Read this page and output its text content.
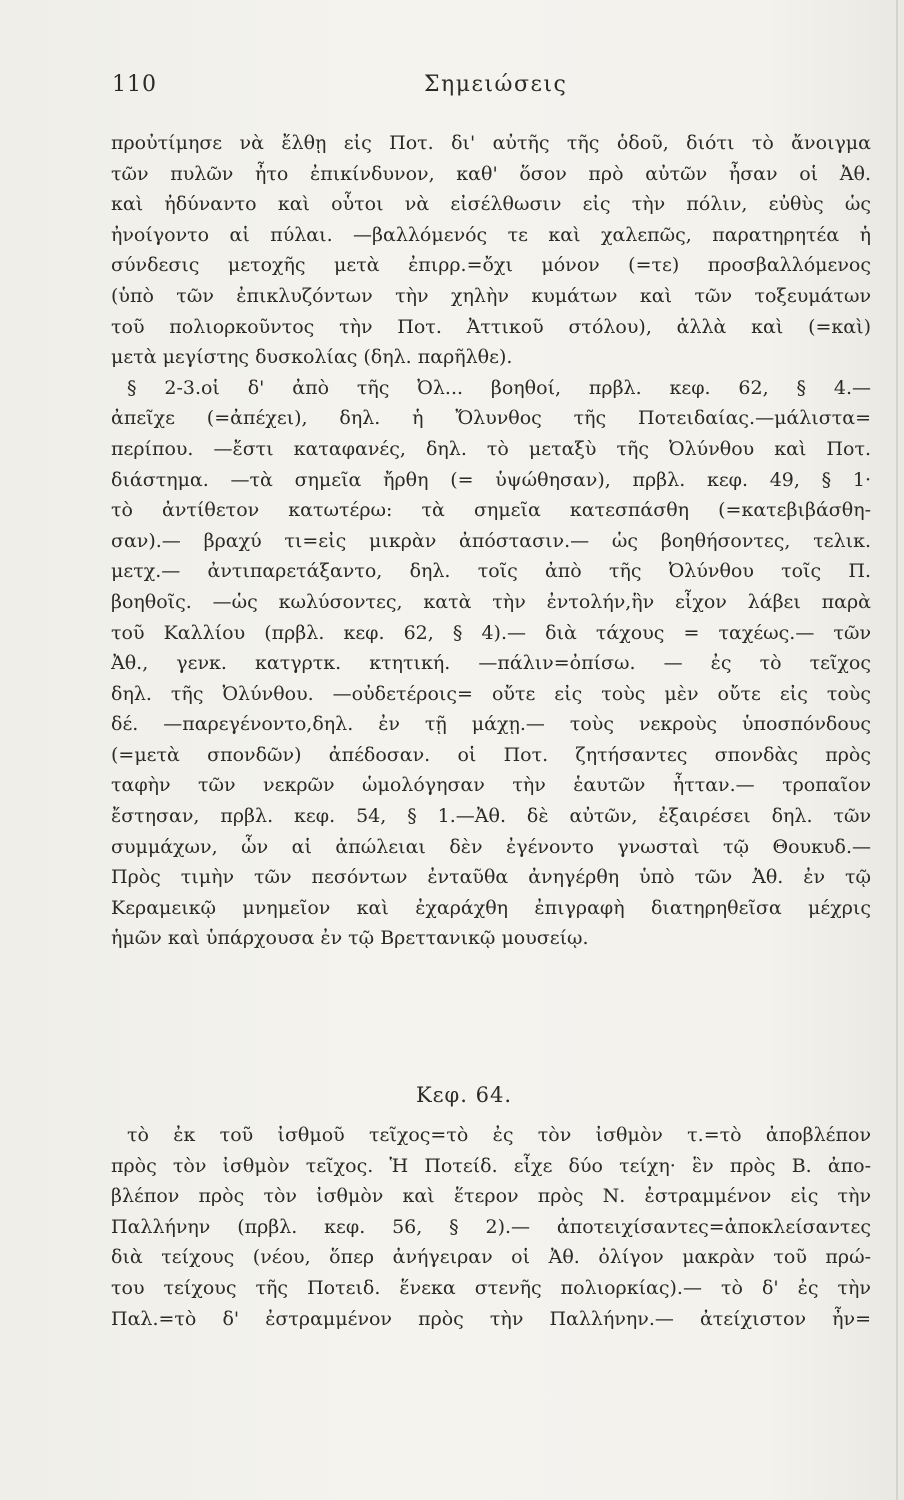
110	Σημειώσεις
προὐτίμησε νὰ ἔλθῃ εἰς Ποτ. δι' αὐτῆς τῆς ὁδοῦ, διότι τὸ ἄνοιγμα
τῶν πυλῶν ἦτο ἐπικίνδυνον, καθ' ὅσον πρὸ αὐτῶν ἦσαν οἱ Ἀθ.
καὶ ἠδύναντο καὶ οὗτοι νὰ εἰσέλθωσιν εἰς τὴν πόλιν, εὐθὺς ὡς
ἠνοίγοντο αἱ πύλαι. —βαλλόμενός τε καὶ χαλεπῶς, παρατηρητέα ἡ
σύνδεσις μετοχῆς μετὰ ἐπιρρ.=ὄχι μόνον (=τε) προσβαλλόμενος
(ὑπὸ τῶν ἐπικλυζόντων τὴν χηλὴν κυμάτων καὶ τῶν τοξευμάτων
τοῦ πολιορκοῦντος τὴν Ποτ. Ἀττικοῦ στόλου), ἀλλὰ καὶ (=καὶ)
μετὰ μεγίστης δυσκολίας (δηλ. παρῆλθε).
§ 2-3.οἱ δ' ἀπὸ τῆς Ὀλ... βοηθοί, πρβλ. κεφ. 62, § 4.—
ἀπεῖχε (=ἀπέχει), δηλ. ἡ Ὄλυνθος τῆς Ποτειδαίας.—μάλιστα=
περίπου. —ἔστι καταφανές, δηλ. τὸ μεταξὺ τῆς Ὀλύνθου καὶ Ποτ.
διάστημα. —τὰ σημεῖα ἤρθη (= ὑψώθησαν), πρβλ. κεφ. 49, § 1·
τὸ ἀντίθετον κατωτέρω: τὰ σημεῖα κατεσπάσθη (=κατεβιβάσθη-
σαν).— βραχύ τι=εἰς μικρὰν ἀπόστασιν.— ὡς βοηθήσοντες, τελικ.
μετχ.— ἀντιπαρετάξαντο, δηλ. τοῖς ἀπὸ τῆς Ὀλύνθου τοῖς Π.
βοηθοῖς. —ὡς κωλύσοντες, κατὰ τὴν ἐντολήν,ἣν εἶχον λάβει παρὰ
τοῦ Καλλίου (πρβλ. κεφ. 62, § 4).— διὰ τάχους = ταχέως.— τῶν
Ἀθ., γενκ. κατγρτκ. κτητική. —πάλιν=ὀπίσω. — ἐς τὸ τεῖχος
δηλ. τῆς Ὀλύνθου. —οὐδετέροις= οὔτε εἰς τοὺς μὲν οὔτε εἰς τοὺς
δέ. —παρεγένοντο,δηλ. ἐν τῇ μάχῃ.— τοὺς νεκροὺς ὑποσπόνδους
(=μετὰ σπονδῶν) ἀπέδοσαν. οἱ Ποτ. ζητήσαντες σπονδὰς πρὸς
ταφὴν τῶν νεκρῶν ὡμολόγησαν τὴν ἑαυτῶν ἧτταν.— τροπαῖον
ἔστησαν, πρβλ. κεφ. 54, § 1.—Ἀθ. δὲ αὐτῶν, ἐξαιρέσει δηλ. τῶν
συμμάχων, ὧν αἱ ἀπώλειαι δὲν ἐγένοντο γνωσταὶ τῷ Θουκυδ.—
Πρὸς τιμὴν τῶν πεσόντων ἐνταῦθα ἀνηγέρθη ὑπὸ τῶν Ἀθ. ἐν τῷ
Κεραμεικῷ μνημεῖον καὶ ἐχαράχθη ἐπιγραφὴ διατηρηθεῖσα μέχρις
ἡμῶν καὶ ὑπάρχουσα ἐν τῷ Βρεττανικῷ μουσείῳ.
Κεφ. 64.
τὸ ἐκ τοῦ ἰσθμοῦ τεῖχος=τὸ ἐς τὸν ἰσθμὸν τ.=τὸ ἀποβλέπον
πρὸς τὸν ἰσθμὸν τεῖχος. Ἡ Ποτείδ. εἶχε δύο τείχη· ἓν πρὸς Β. ἀπο-
βλέπον πρὸς τὸν ἰσθμὸν καὶ ἕτερον πρὸς Ν. ἐστραμμένον εἰς τὴν
Παλλήνην (πρβλ. κεφ. 56, § 2).— ἀποτειχίσαντες=ἀποκλείσαντες
διὰ τείχους (νέου, ὅπερ ἀνήγειραν οἱ Ἀθ. ὀλίγον μακρὰν τοῦ πρώ-
του τείχους τῆς Ποτειδ. ἕνεκα στενῆς πολιορκίας).— τὸ δ' ἐς τὴν
Παλ.=τὸ δ' ἐστραμμένον πρὸς τὴν Παλλήνην.— ἀτείχιστον ἦν=
